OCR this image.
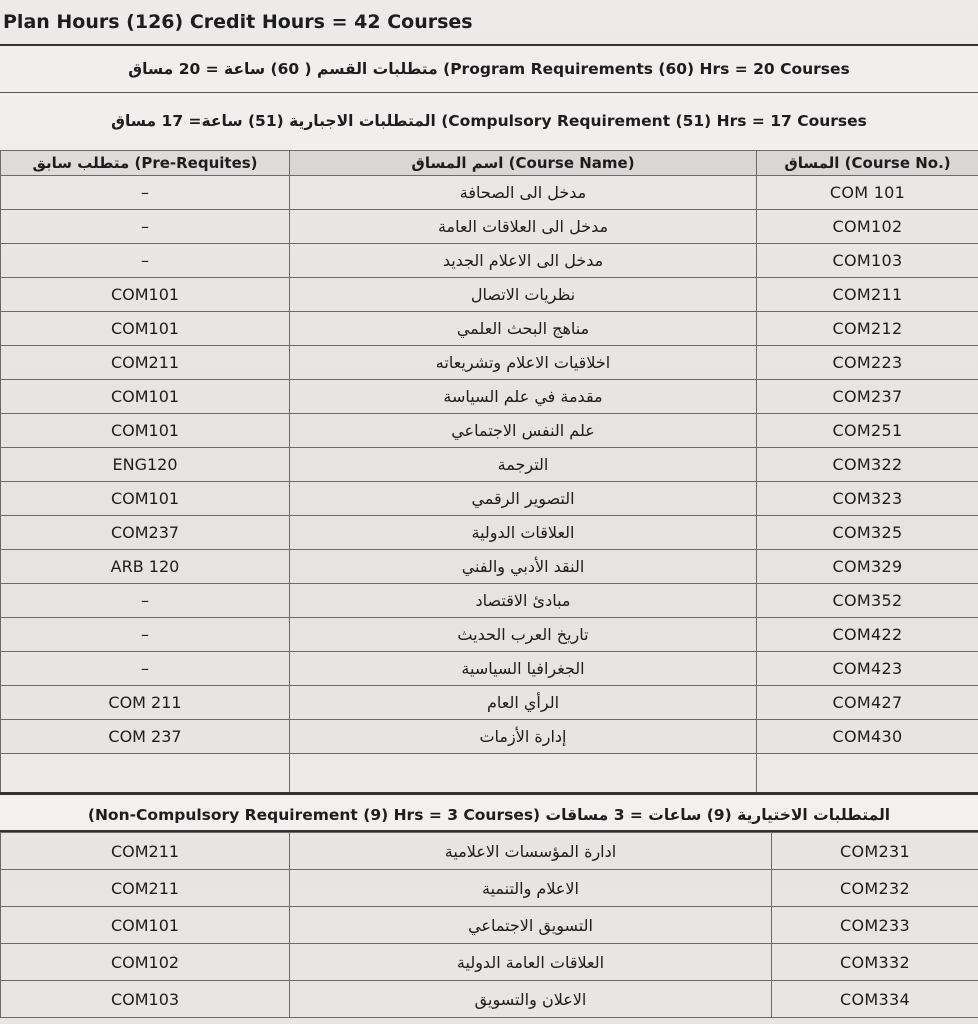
Plan Hours (126) Credit Hours = 42 Courses
متطلبات القسم ( 60) ساعة = 20 مساق (Program Requirements (60) Hrs = 20 Courses
المتطلبات الاجبارية (51) ساعة= 17 مساق (Compulsory Requirement (51) Hrs = 17 Courses
متطلب سابق (Pre-Requites)	اسم المساق (Course Name)	المساق (Course No.)
–	مدخل الى الصحافة	COM 101
–	مدخل الى العلاقات العامة	COM102
–	مدخل الى الاعلام الجديد	COM103
COM101	نظريات الاتصال	COM211
COM101	مناهج البحث العلمي	COM212
COM211	اخلاقيات الاعلام وتشريعاته	COM223
COM101	مقدمة في علم السياسة	COM237
COM101	علم النفس الاجتماعي	COM251
ENG120	الترجمة	COM322
COM101	التصوير الرقمي	COM323
COM237	العلاقات الدولية	COM325
ARB 120	النقد الأدبي والفني	COM329
–	مبادئ الاقتصاد	COM352
–	تاريخ العرب الحديث	COM422
–	الجغرافيا السياسية	COM423
COM 211	الرأي العام	COM427
COM 237	إدارة الأزمات	COM430

(Non-Compulsory Requirement (9) Hrs = 3 Courses) المتطلبات الاختيارية (9) ساعات = 3 مساقات
COM211	ادارة المؤسسات الاعلامية	COM231
COM211	الاعلام والتنمية	COM232
COM101	التسويق الاجتماعي	COM233
COM102	العلاقات العامة الدولية	COM332
COM103	الاعلان والتسويق	COM334
